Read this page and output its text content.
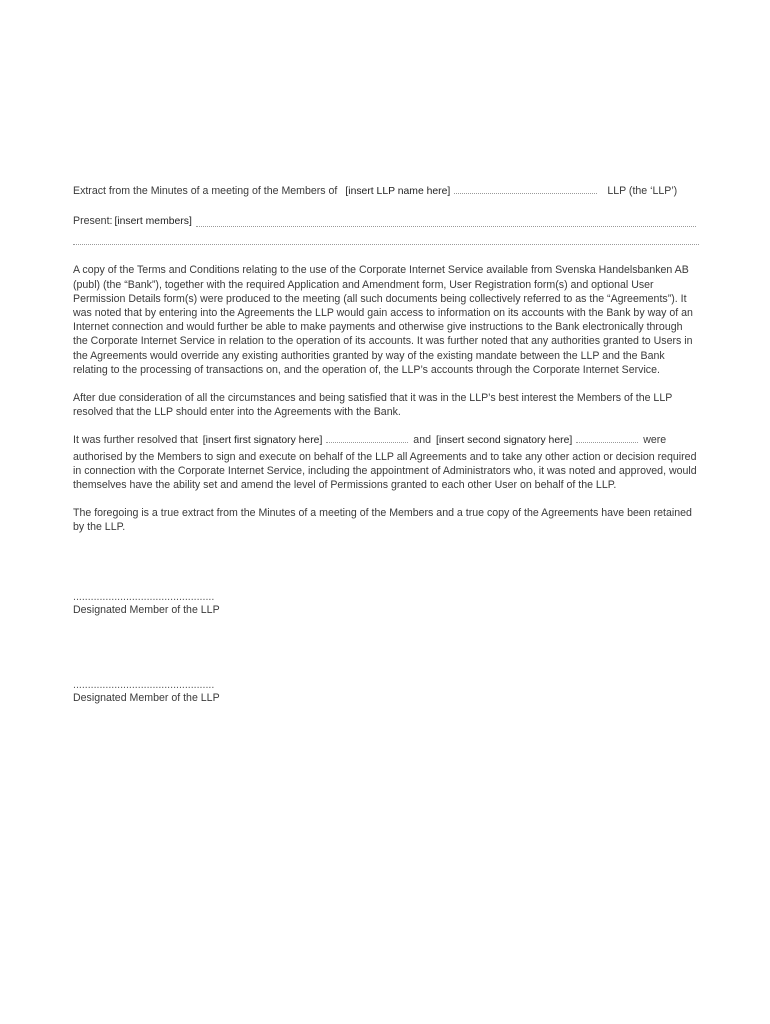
Extract from the Minutes of a meeting of the Members of [insert LLP name here]	LLP (the ‘LLP’)
Present: [insert members]

A copy of the Terms and Conditions relating to the use of the Corporate Internet Service available from Svenska Handelsbanken AB (publ) (the “Bank”), together with the required Application and Amendment form, User Registration form(s) and optional User Permission Details form(s) were produced to the meeting (all such documents being collectively referred to as the “Agreements”). It was noted that by entering into the Agreements the LLP would gain access to information on its accounts with the Bank by way of an Internet connection and would further be able to make payments and otherwise give instructions to the Bank electronically through the Corporate Internet Service in relation to the operation of its accounts. It was further noted that any authorities granted to Users in the Agreements would override any existing authorities granted by way of the existing mandate between the LLP and the Bank relating to the processing of transactions on, and the operation of, the LLP’s accounts through the Corporate Internet Service.

After due consideration of all the circumstances and being satisfied that it was in the LLP’s best interest the Members of the LLP resolved that the LLP should enter into the Agreements with the Bank.

It was further resolved that [insert first signatory here]	and [insert second signatory here]	were authorised by the Members to sign and execute on behalf of the LLP all Agreements and to take any other action or decision required in connection with the Corporate Internet Service, including the appointment of Administrators who, it was noted and approved, would themselves have the ability set and amend the level of Permissions granted to each other User on behalf of the LLP.

The foregoing is a true extract from the Minutes of a meeting of the Members and a true copy of the Agreements have been retained by the LLP.

................................................
Designated Member of the LLP
................................................
Designated Member of the LLP
